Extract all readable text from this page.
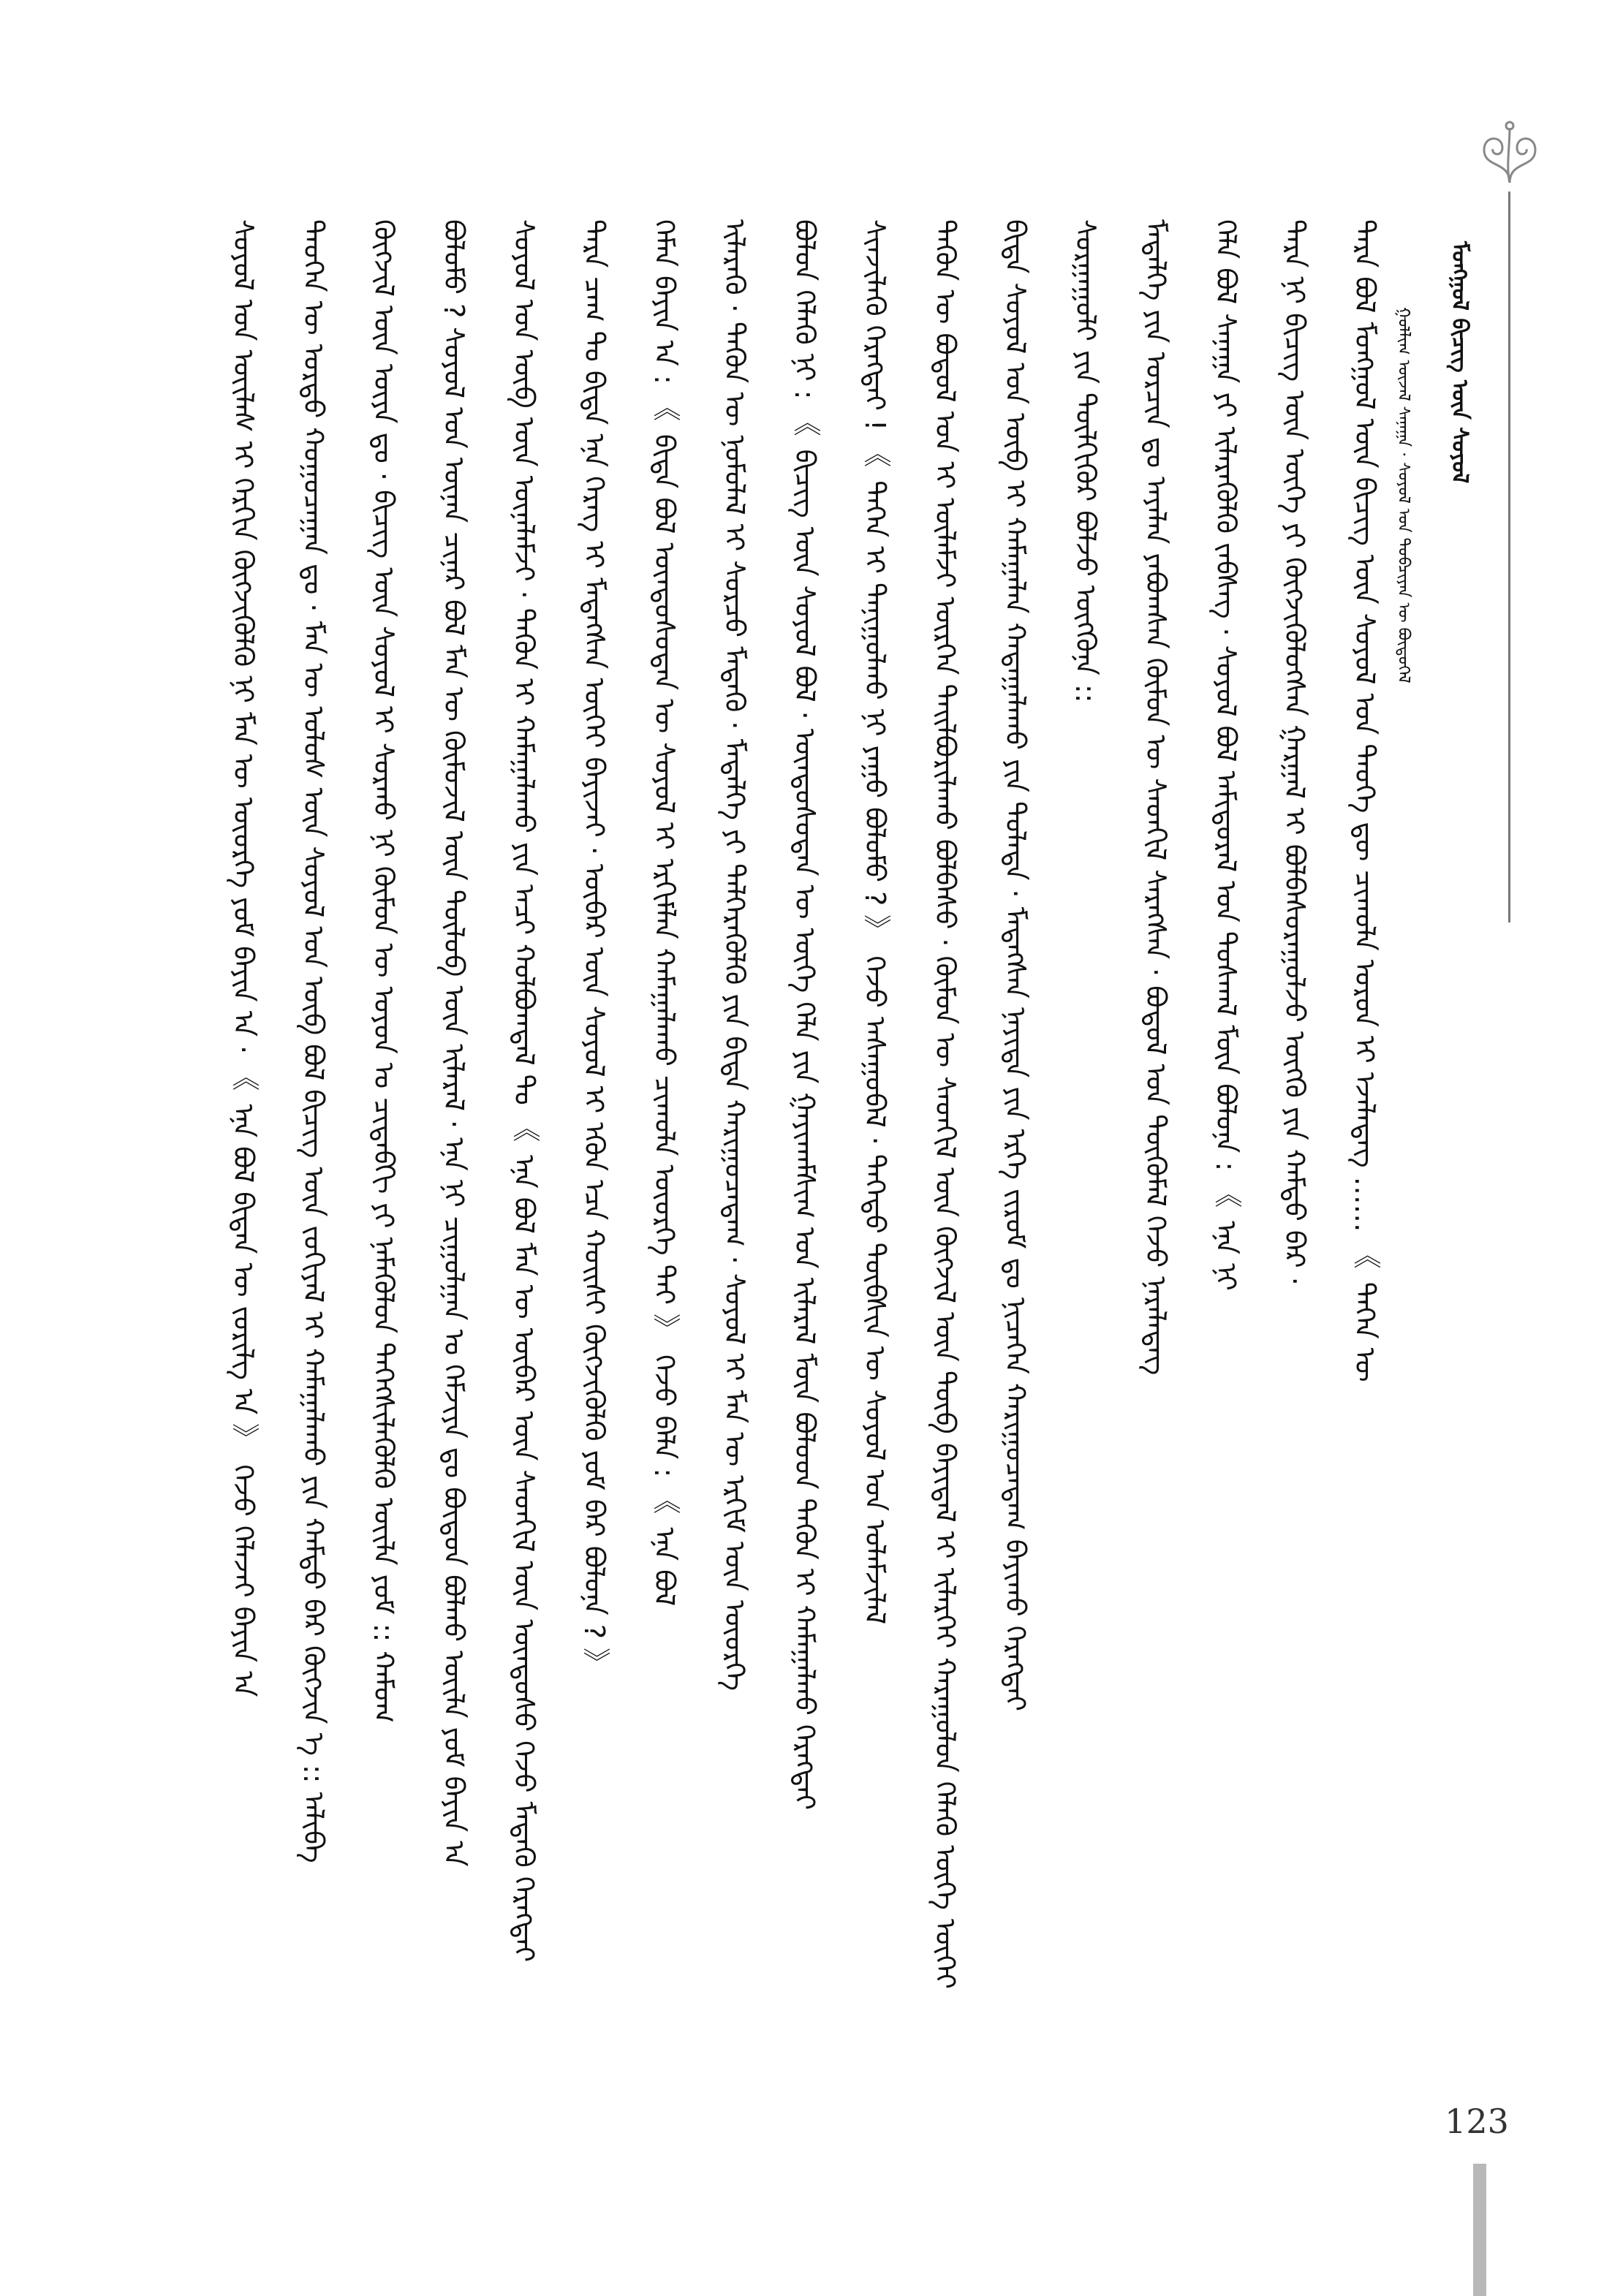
ᠮᠣᠩᠭᠣᠯ ᠪᠢᠴᠢᠭ ᠦᠨ ᠰᠣᠶᠣᠯ
ᠭᠣᠯᠯᠢᠭ ᠦᠵᠡᠯ ᠰᠠᠨᠠᠭᠠ · ᠰᠣᠶᠣᠯ ᠤᠨ ᠲᠣᠪᠴᠢᠶᠠᠨ ᠦ ᠪᠦᠲᠦᠭᠡᠯ
ᠲᠡᠷᠡ ᠪᠣᠯ ᠮᠣᠩᠭᠣᠯ ᠦᠨ ᠪᠢᠴᠢᠭ ᠦᠨ ᠰᠣᠶᠣᠯ ᠤᠨ ᠲᠡᠦᠬᠡ ᠳᠦ ᠴᠢᠬᠤᠯᠠ ᠣᠷᠤᠨ ᠢ ᠡᠵᠡᠯᠡᠳᠡᠭ …… 《 ᠲᠡᠭᠡᠨ ᠦ
ᠲᠡᠷᠡ ᠨᠢ ᠪᠢᠴᠢᠭ ᠦᠨ ᠦᠭᠡ ᠶᠢ ᠬᠥᠭᠵᠢᠭᠦᠯᠦᠭᠰᠡᠨ ᠭᠠᠷᠭᠠᠯ ᠢ ᠪᠣᠯᠪᠠᠰᠤᠷᠠᠭᠤᠯᠵᠤ ᠦᠭᠬᠦ ᠶᠢᠨ ᠬᠠᠮᠲᠤ ᠪᠡᠷ ·
ᠬᠡᠯᠡ ᠪᠣᠯ ᠰᠠᠨᠠᠭᠠ ᠶᠢ ᠢᠯᠡᠷᠡᠭᠦᠯᠬᠦ ᠵᠡᠪᠰᠡᠭ · ᠰᠣᠶᠣᠯ ᠪᠣᠯ ᠠᠮᠢᠳᠤᠷᠠᠯ ᠤᠨ ᠲᠤᠰᠬᠠᠯ ᠮᠥᠨ ᠪᠣᠯᠤᠨᠠ : 《 ᠡᠨᠡ ᠨᠢ
ᠮᠡᠳᠡᠯᠭᠡ ᠶᠢᠨ ᠣᠷᠴᠢᠨ ᠳᠤ ᠠᠶᠠᠯᠠᠨ ᠶᠠᠪᠤᠭᠰᠠᠨ ᠬᠦᠮᠦᠨ ᠦ ᠰᠡᠳᠬᠢᠯ ᠰᠡᠷᠡᠭᠰᠡᠨ · ᠪᠣᠳᠤᠯ ᠤᠨ ᠲᠦᠭᠦᠮᠡᠯ ᠭᠡᠵᠦ ᠨᠡᠷᠡᠯᠡᠳᠡᠭ
ᠰᠣᠷᠭᠠᠭᠤᠯᠢ ᠶᠢᠨ ᠲᠦᠯᠬᠢᠭᠦᠷ ᠪᠣᠯᠵᠤ ᠥᠭᠭᠦᠨᠡ ::
ᠪᠢᠳᠡ ᠰᠣᠶᠣᠯ ᠤᠨ ᠥᠪ ᠢ ᠬᠠᠮᠠᠭᠠᠯᠠᠨ ᠬᠠᠳᠠᠭᠠᠯᠠᠬᠤ ᠶᠢᠨ ᠲᠤᠯᠠᠳᠠ · ᠮᠡᠳᠡᠭᠰᠡᠨ ᠨᠡᠶᠢᠲᠡ ᠶᠢᠨ ᠡᠷᠬᠡ ᠵᠢᠷᠤᠮ ᠳᠤ ᠨᠢᠴᠡᠭᠡᠨ ᠬᠠᠷᠢᠭᠤᠴᠠᠳᠠᠭ ᠪᠠᠶᠢᠬᠤ ᠬᠡᠷᠡᠭᠲᠡᠢ
ᠲᠡᠭᠦᠨ ᠦ ᠪᠣᠳᠤᠯ ᠤᠨ ᠢ ᠦᠯᠡᠮᠵᠢ ᠥᠷᠭᠡᠨ ᠲᠠᠢᠯᠪᠤᠷᠢᠯᠠᠬᠤ ᠪᠣᠯᠪᠠᠰᠤ · ᠬᠦᠮᠦᠨ ᠦ ᠰᠡᠳᠬᠢᠯ ᠦᠨ ᠬᠥᠭᠵᠢᠯ ᠦᠨ ᠲᠦᠪ ᠪᠠᠶᠢᠳᠠᠯ ᠢ ᠢᠯᠡᠷᠬᠡᠢ ᠬᠠᠷᠠᠭᠤᠯᠤᠨ ᠬᠡᠯᠡᠬᠦ ᠦᠭᠡ ᠦᠭᠡᠢ
ᠰᠢᠨᠵᠢᠯᠡᠬᠦ ᠬᠡᠷᠡᠭᠲᠡᠢ ! 《 ᠲᠡᠭᠡᠨ ᠢ ᠲᠠᠨᠢᠭᠤᠯᠬᠤ ᠨᠢ ᠶᠠᠭᠤ ᠪᠣᠯᠤᠮᠤ ? 》 ᠭᠡᠵᠦ ᠠᠰᠠᠭᠤᠪᠠᠯ · ᠳᠡᠭᠡᠳᠦ ᠲᠦᠪᠰᠢᠨ ᠦ ᠰᠣᠶᠣᠯ ᠤᠨ ᠤᠯᠠᠮᠵᠢᠯᠠᠯ
ᠪᠣᠯᠤᠨ ᠬᠡᠯᠡᠬᠦ ᠨᠢ : 《 ᠪᠢᠴᠢᠭ ᠦᠨ ᠰᠣᠶᠣᠯ ᠪᠣᠯ · ᠦᠨᠳᠦᠰᠦᠲᠡᠨ ᠦ ᠦᠭᠡ ᠬᠡᠯᠡ ᠶᠢᠨ ᠭᠠᠶᠢᠬᠠᠮᠰᠢᠭ ᠤᠨ ᠢᠯᠡᠷᠡᠯ ᠮᠥᠨ ᠪᠣᠯᠣᠳ ᠲᠡᠭᠦᠨ ᠢ ᠬᠠᠮᠠᠭᠠᠯᠬᠤ ᠬᠡᠷᠡᠭᠲᠡᠢ
ᠢᠯᠡᠷᠡᠬᠦ · ᠲᠡᠭᠦᠨ ᠦ ᠨᠣᠮᠣᠯᠠᠯ ᠢ ᠰᠤᠷᠴᠤ ᠮᠡᠳᠡᠬᠦ · ᠮᠡᠳᠡᠯᠭᠡ ᠶᠢ ᠳᠡᠯᠭᠡᠷᠡᠭᠦᠯᠬᠦ ᠶᠢᠨ ᠪᠢᠳᠡ ᠬᠠᠷᠢᠭᠤᠴᠠᠳᠠᠭ · ᠰᠣᠶᠣᠯ ᠢ ᠮᠠᠨ ᠦ ᠡᠷᠬᠢᠮ ᠦᠨ ᠦᠦᠷᠭᠡ
ᠬᠡᠮᠡᠨ ᠪᠠᠶᠢᠨ ᠠ : 《 ᠪᠢᠳᠡ ᠪᠣᠯ ᠦᠨᠳᠦᠰᠦᠲᠡᠨ ᠦ ᠰᠣᠶᠣᠯ ᠢ ᠡᠷᠬᠢᠮᠯᠡᠨ ᠬᠠᠮᠠᠭᠠᠯᠠᠬᠤ ᠴᠢᠬᠤᠯᠠ ᠦᠦᠷᠭᠡ ᠲᠠᠢ 》 ᠭᠡᠵᠦ ᠪᠡᠯᠡ : 《 ᠡᠨᠡ ᠪᠣᠯ
ᠲᠡᠷᠡ ᠴᠠᠭ ᠲᠤ ᠪᠢᠳᠡ ᠡᠨᠡ ᠬᠡᠷᠡᠭ ᠢ ᠮᠡᠳᠡᠭᠰᠡᠨ ᠦᠭᠡᠢ ᠪᠠᠶᠢᠵᠠᠢ · ᠥᠪᠡᠷ ᠦᠨ ᠰᠣᠶᠣᠯ ᠢ ᠡᠭᠦᠨ ᠡᠴᠡ ᠬᠣᠢᠰᠢ ᠬᠥᠭᠵᠢᠭᠦᠯᠬᠦ ᠶᠤᠮ ᠪᠠᠷ ᠪᠣᠯᠤᠨᠠ ? 》
ᠰᠣᠶᠣᠯ ᠤᠨ ᠥᠪ ᠦᠨ ᠦᠨᠡᠯᠡᠮᠵᠢ · ᠲᠡᠭᠦᠨ ᠢ ᠬᠠᠮᠠᠭᠠᠯᠠᠬᠤ ᠶᠢᠨ ᠠᠴᠢ ᠬᠤᠯᠪᠤᠭᠳᠠᠯ ᠲᠤ 《 ᠡᠨᠡ ᠪᠣᠯ ᠮᠠᠨ ᠦ ᠥᠪᠡᠷ ᠦᠨ ᠰᠡᠳᠬᠢᠯ ᠦᠨ ᠦᠨᠳᠦᠰᠦ ᠭᠡᠵᠦ ᠮᠡᠳᠡᠬᠦ ᠬᠡᠷᠡᠭᠲᠡᠢ
ᠪᠣᠯᠤᠮᠤ ? ᠰᠣᠶᠣᠯ ᠤᠨ ᠦᠨᠡᠨ ᠴᠢᠨᠠᠷ ᠪᠣᠯ ᠮᠠᠨ ᠦ ᠬᠦᠮᠦᠵᠢᠯ ᠦᠨ ᠲᠥᠯᠦᠪ ᠦᠨ ᠢᠯᠡᠷᠡᠯ · ᠡᠨᠡ ᠨᠢ ᠴᠢᠭᠤᠯᠭᠠᠨ ᠤ ᠬᠡᠮᠵᠢᠶᠡ ᠳᠤ ᠪᠦᠲᠦᠨ ᠪᠣᠯᠬᠤ ᠦᠢᠯᠡ ᠶᠤᠮ ᠪᠠᠶᠢᠨ ᠠ
ᠬᠥᠭᠵᠢᠯ ᠦᠨ ᠦᠶᠡ ᠳᠤ · ᠪᠢᠴᠢᠭ ᠦᠨ ᠰᠣᠶᠣᠯ ᠢ ᠰᠤᠷᠬᠤ ᠨᠢ ᠬᠦᠮᠦᠨ ᠦ ᠣᠶᠤᠨ ᠤ ᠴᠢᠳᠠᠪᠬᠢ ᠶᠢ ᠨᠡᠮᠡᠭᠦᠯᠦᠨ ᠳᠡᠭᠡᠭᠰᠢᠯᠡᠭᠦᠯᠬᠦ ᠦᠢᠯᠡ ᠶᠤᠮ :: ᠬᠠᠮᠤᠭ
ᠲᠡᠦᠬᠡᠨ ᠦ ᠤᠷᠲᠤ ᠬᠤᠭᠤᠴᠠᠭᠠᠨ ᠳᠤ · ᠮᠠᠨ ᠦ ᠤᠯᠤᠰ ᠦᠨ ᠰᠣᠶᠣᠯ ᠤᠨ ᠥᠪ ᠪᠣᠯ ᠪᠢᠴᠢᠭ ᠦᠨ ᠵᠣᠬᠢᠶᠠᠯ ᠢ ᠬᠠᠮᠠᠭᠠᠯᠠᠬᠤ ᠶᠢᠨ ᠬᠠᠮᠲᠤ ᠪᠡᠷ ᠬᠥᠭᠵᠢᠨ ᠡ :: ᠠᠯᠢᠪᠠ
ᠰᠣᠶᠣᠯ ᠤᠨ ᠦᠢᠯᠡᠰ ᠢ ᠬᠡᠷᠬᠢᠨ ᠬᠥᠭᠵᠢᠭᠦᠯᠬᠦ ᠨᠢ ᠮᠠᠨ ᠦ ᠦᠦᠷᠭᠡ ᠶᠤᠮ ᠪᠠᠶᠢᠨ ᠠ · 《 ᠡᠨᠡ ᠪᠣᠯ ᠪᠢᠳᠡᠨ ᠦ ᠵᠣᠷᠢᠯᠭ ᠠ 》 ᠭᠡᠵᠦ ᠬᠡᠯᠡᠵᠡᠢ ᠪᠠᠶᠢᠨ ᠠ
123
